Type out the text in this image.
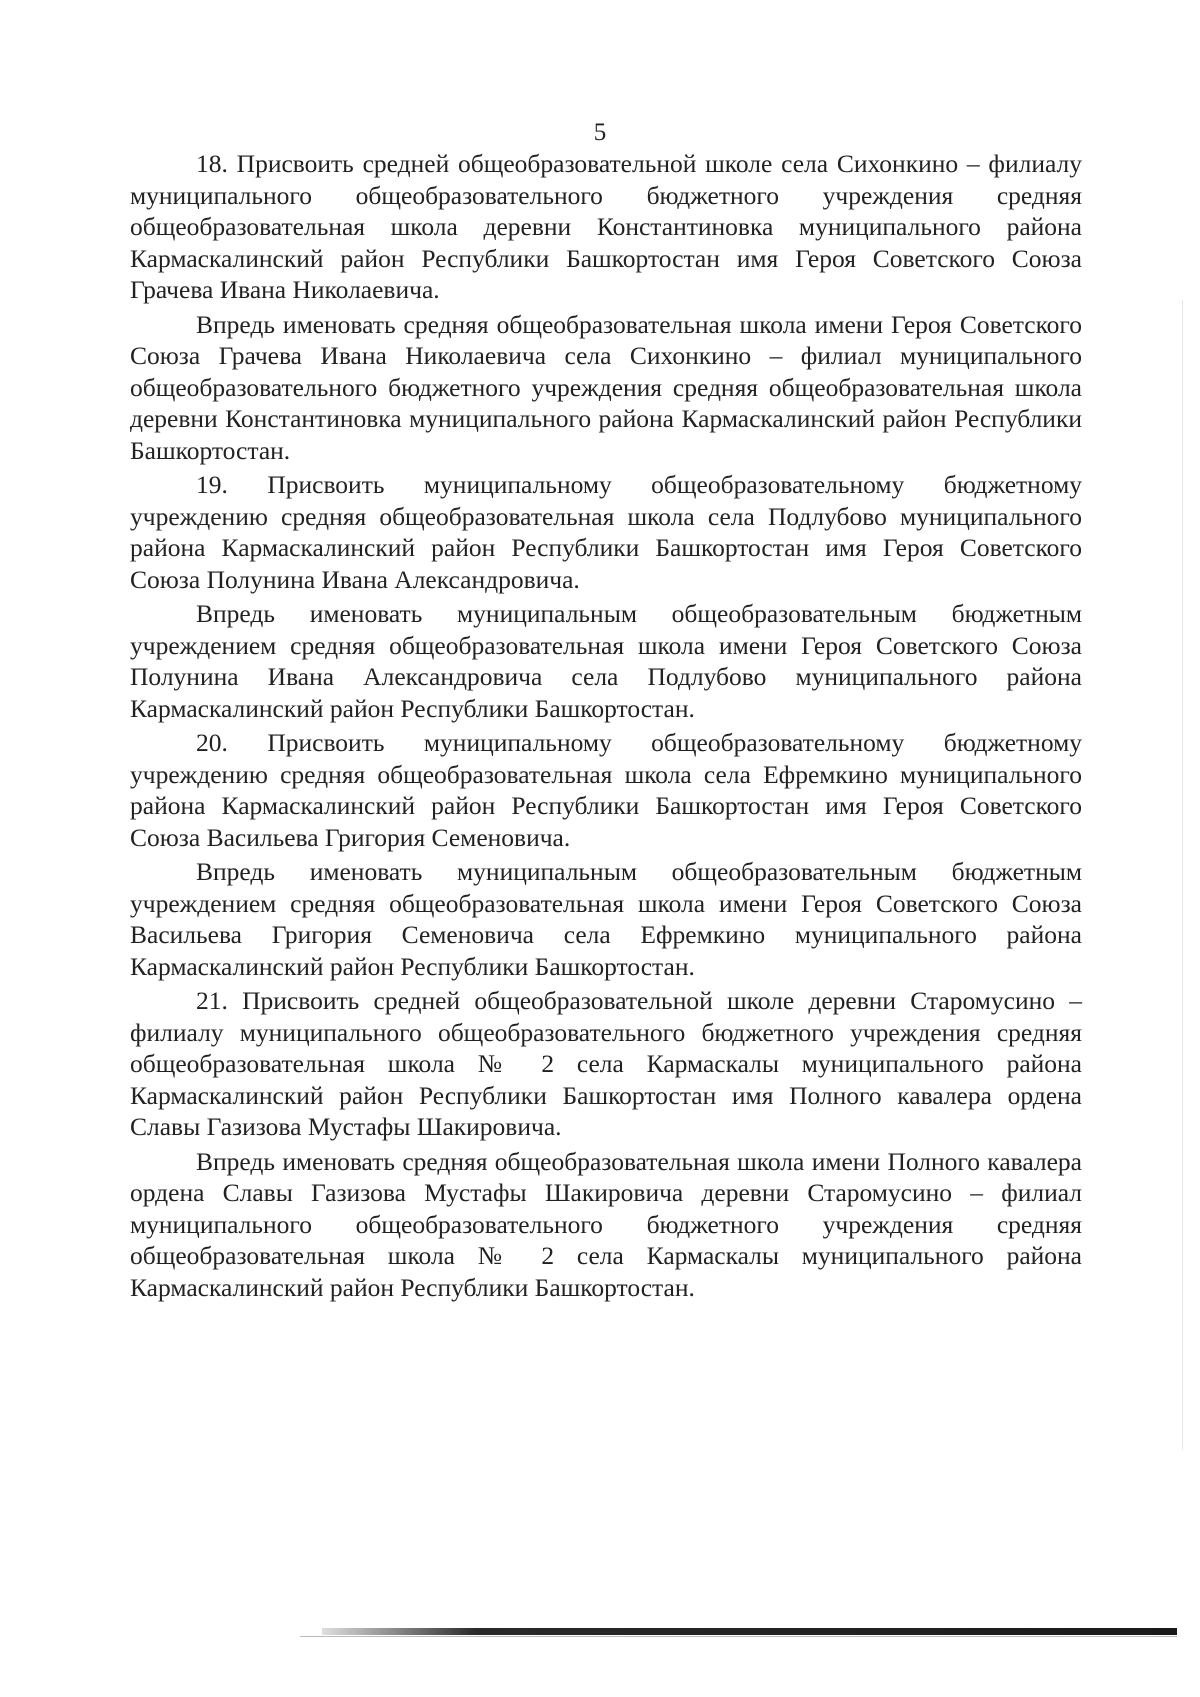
5

18. Присвоить средней общеобразовательной школе села Сихонкино – филиалу муниципального общеобразовательного бюджетного учреждения средняя общеобразовательная школа деревни Константиновка муниципального района Кармаскалинский район Республики Башкортостан имя Героя Советского Союза Грачева Ивана Николаевича.

Впредь именовать средняя общеобразовательная школа имени Героя Советского Союза Грачева Ивана Николаевича села Сихонкино – филиал муниципального общеобразовательного бюджетного учреждения средняя общеобразовательная школа деревни Константиновка муниципального района Кармаскалинский район Республики Башкортостан.

19. Присвоить муниципальному общеобразовательному бюджетному учреждению средняя общеобразовательная школа села Подлубово муниципального района Кармаскалинский район Республики Башкортостан имя Героя Советского Союза Полунина Ивана Александровича.

Впредь именовать муниципальным общеобразовательным бюджетным учреждением средняя общеобразовательная школа имени Героя Советского Союза Полунина Ивана Александровича села Подлубово муниципального района Кармаскалинский район Республики Башкортостан.

20. Присвоить муниципальному общеобразовательному бюджетному учреждению средняя общеобразовательная школа села Ефремкино муниципального района Кармаскалинский район Республики Башкортостан имя Героя Советского Союза Васильева Григория Семеновича.

Впредь именовать муниципальным общеобразовательным бюджетным учреждением средняя общеобразовательная школа имени Героя Советского Союза Васильева Григория Семеновича села Ефремкино муниципального района Кармаскалинский район Республики Башкортостан.

21. Присвоить средней общеобразовательной школе деревни Старомусино – филиалу муниципального общеобразовательного бюджетного учреждения средняя общеобразовательная школа № 2 села Кармаскалы муниципального района Кармаскалинский район Республики Башкортостан имя Полного кавалера ордена Славы Газизова Мустафы Шакировича.

Впредь именовать средняя общеобразовательная школа имени Полного кавалера ордена Славы Газизова Мустафы Шакировича деревни Старомусино – филиал муниципального общеобразовательного бюджетного учреждения средняя общеобразовательная школа № 2 села Кармаскалы муниципального района Кармаскалинский район Республики Башкортостан.
